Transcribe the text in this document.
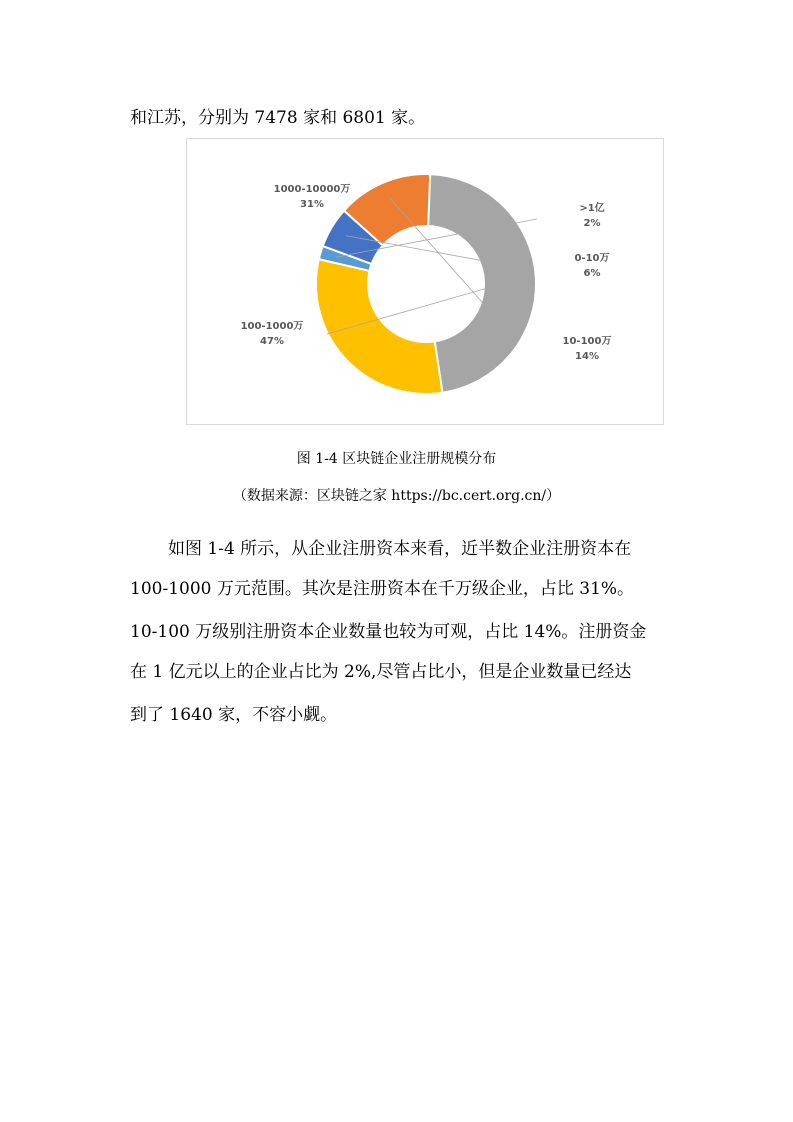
和江苏，分别为 7478 家和 6801 家。
>1亿
2%
0-10万
6%
10-100万
14%
100-1000万
47%
1000-10000万
31%
图 1-4 区块链企业注册规模分布
（数据来源：区块链之家 https://bc.cert.org.cn/）
如图 1-4 所示，从企业注册资本来看，近半数企业注册资本在
100-1000 万元范围。其次是注册资本在千万级企业，占比 31%。
10-100 万级别注册资本企业数量也较为可观，占比 14%。注册资金
在 1 亿元以上的企业占比为 2%,尽管占比小，但是企业数量已经达
到了 1640 家，不容小觑。
